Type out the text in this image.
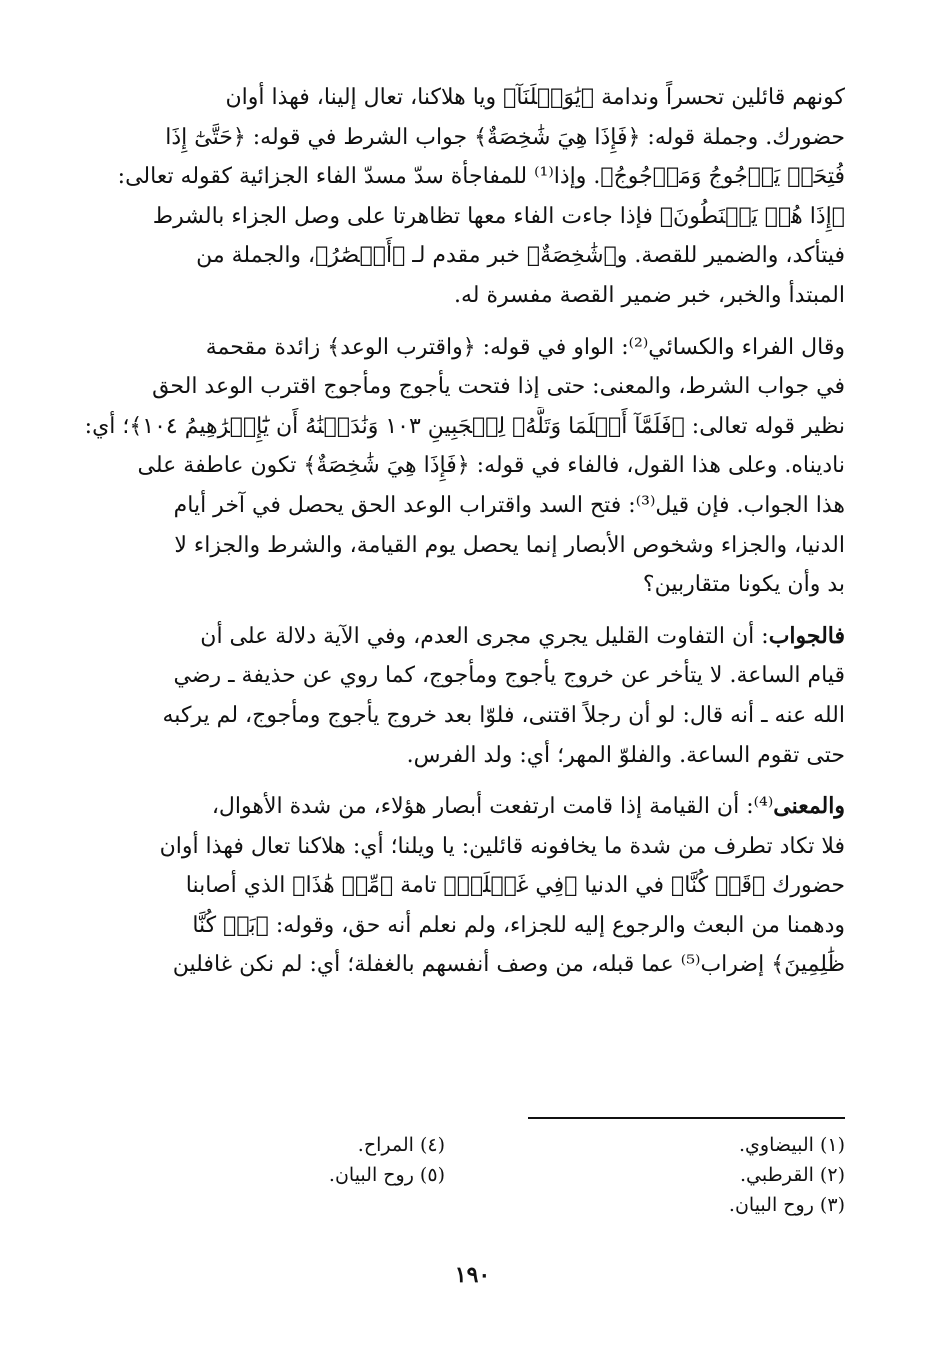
كونهم قائلين تحسراً وندامة ﴿يَٰوَيۡلَنَآ﴾ ويا هلاكنا، تعال إلينا، فهذا أوان

حضورك. وجملة قوله: ﴿فَإِذَا هِيَ شَٰخِصَةٌ﴾ جواب الشرط في قوله: ﴿حَتَّىٰٓ إِذَا

فُتِحَتۡ يَأۡجُوجُ وَمَأۡجُوجُ﴾. وإذا⁽¹⁾ للمفاجأة سدّ مسدّ الفاء الجزائية كقوله تعالى:

﴿إِذَا هُمۡ يَقۡنَطُونَ﴾ فإذا جاءت الفاء معها تظاهرتا على وصل الجزاء بالشرط

فيتأكد، والضمير للقصة. و﴿شَٰخِصَةٌ﴾ خبر مقدم لـ ﴿أَبۡصَٰرُ﴾، والجملة من

المبتدأ والخبر، خبر ضمير القصة مفسرة له.

وقال الفراء والكسائي⁽²⁾: الواو في قوله: ﴿واقترب الوعد﴾ زائدة مقحمة

في جواب الشرط، والمعنى: حتى إذا فتحت يأجوج ومأجوج اقترب الوعد الحق

نظير قوله تعالى: ﴿فَلَمَّآ أَسۡلَمَا وَتَلَّهُۥ لِلۡجَبِينِ ١٠٣ وَنَٰدَيۡنَٰهُ أَن يَٰٓإِبۡرَٰهِيمُ ١٠٤﴾؛ أي:

ناديناه. وعلى هذا القول، فالفاء في قوله: ﴿فَإِذَا هِيَ شَٰخِصَةٌ﴾ تكون عاطفة على

هذا الجواب. فإن قيل⁽³⁾: فتح السد واقتراب الوعد الحق يحصل في آخر أيام

الدنيا، والجزاء وشخوص الأبصار إنما يحصل يوم القيامة، والشرط والجزاء لا

بد وأن يكونا متقاربين؟

فالجواب: أن التفاوت القليل يجري مجرى العدم، وفي الآية دلالة على أن

قيام الساعة. لا يتأخر عن خروج يأجوج ومأجوج، كما روي عن حذيفة ـ رضي

الله عنه ـ أنه قال: لو أن رجلاً اقتنى، فلوّا بعد خروج يأجوج ومأجوج، لم يركبه

حتى تقوم الساعة. والفلوّ المهر؛ أي: ولد الفرس.

والمعنى⁽⁴⁾: أن القيامة إذا قامت ارتفعت أبصار هؤلاء، من شدة الأهوال،

فلا تكاد تطرف من شدة ما يخافونه قائلين: يا ويلنا؛ أي: هلاكنا تعال فهذا أوان

حضورك ﴿قَدۡ كُنَّا﴾ في الدنيا ﴿فِي غَفۡلَةٖ﴾ تامة ﴿مِّنۡ هَٰذَا﴾ الذي أصابنا

ودهمنا من البعث والرجوع إليه للجزاء، ولم نعلم أنه حق، وقوله: ﴿بَلۡ كُنَّا

ظَٰلِمِينَ﴾ إضراب⁽⁵⁾ عما قبله، من وصف أنفسهم بالغفلة؛ أي: لم نكن غافلين

(١) البيضاوي.
(٢) القرطبي.
(٣) روح البيان.
(٤) المراح.
(٥) روح البيان.
١٩٠
